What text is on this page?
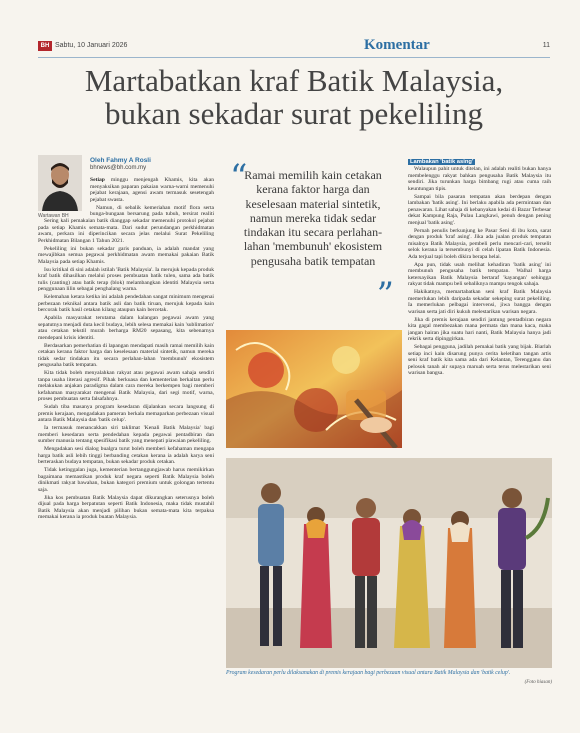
BH Sabtu, 10 Januari 2026	Komentar	11
Martabatkan kraf Batik Malaysia,
bukan sekadar surat pekeliling
Wartawan BH
Oleh Fahmy A Rosli
bhnews@bh.com.my

Setiap minggu menjengah Khamis, kita akan menyaksikan paparan pakaian warna-warni memenuhi pejabat kerajaan, agensi awam termasuk sesetengah pejabat swasta.

Namun, di sebalik kemeriahan motif flora serta bunga-bungaan bersarung pada tubuh, tersirat realiti

Sering kali pemakaian batik dianggap sekadar memenuhi protokol pejabat pada setiap Khamis semata-mata. Dari sudut perundangan perkhidmatan awam, perkara ini diperincikan secara jelas melalui Surat Pekeliling Perkhidmatan Bilangan 1 Tahun 2021.

Pekeliling ini bukan sekadar garis panduan, ia adalah mandat yang mewajibkan semua pegawai perkhidmatan awam memakai pakaian Batik Malaysia pada setiap Khamis.

Isu kritikal di sini adalah istilah 'Batik Malaysia'. Ia merujuk kepada produk kraf batik dihasilkan melalui proses pembuatan batik tulen, sama ada batik tulis (canting) atau batik terap (blok) melambangkan identiti Malaysia serta penggunaan lilin sebagai penghalang warna.

Kelemahan ketara ketika ini adalah pendedahan sangat minimum mengenai perbezaan teknikal antara batik asli dan batik tiruan, merujuk kepada kain bercorak batik hasil cetakan kilang ataupun kain bercetak.

Apabila masyarakat terutama dalam kalangan pegawai awam yang sepatutnya menjadi duta kecil budaya, lebih selesa memakai kain 'sublimation' atau cetakan tekstil murah berharga RM20 sepasang, kita sebenarnya mendepani krisis identiti.

Berdasarkan pemerhatian di lapangan mendapati masih ramai memilih kain cetakan kerana faktor harga dan keselesaan material sintetik, namun mereka tidak sedar tindakan itu secara perlahan-lahan 'membunuh' ekosistem pengusaha batik tempatan.

Kita tidak boleh menyalahkan rakyat atau pegawai awam sahaja sendiri tanpa usaha literasi agresif. Pihak berkuasa dan kementerian berkaitan perlu melakukan anjakan paradigma dalam cara mereka berkempen bagi memberi kefahaman masyarakat mengenai Batik Malaysia, dari segi motif, warna, proses pembuatan serta falsafahnya.

Sudah tiba masanya program kesedaran dijalankan secara langsung di premis kerajaan, mengadakan pameran berkala memaparkan perbezaan visual antara Batik Malaysia dan 'batik celup'.

Ia termasuk menancakkan siri taklimat 'Kenali Batik Malaysia' bagi memberi kesedaran serta pendedahan kepada pegawai pentadbiran dan sumber manusia tentang spesifikasi batik yang menepati piawaian pekeliling.

Mengadakan sesi dialog bualgra turut boleh memberi kefahaman mengapa harga batik asli lebih tinggi berbanding cetakan kerana ia adalah karya seni berteraskan budaya tempatan, bukan sekadar produk cetakan.

Tidak ketinggalan juga, kementerian bertanggungjawab harus memikirkan bagaimana memastikan produk kraf negara seperti Batik Malaysia boleh dinikmati rakyat bawahan, bukan kategori premium untuk golongan tertentu saja.

Jika kos pembuatan Batik Malaysia dapat dikurangkan seterusnya boleh dijual pada harga berpatutan seperti Batik Indonesia, maka tidak mustahil Batik Malaysia akan menjadi pilihan bukan semata-mata kita terpaksa memakai kerana ia produk buatan Malaysia.

“
Ramai memilih kain cetakan kerana faktor harga dan keselesaan material sintetik, namun mereka tidak sedar tindakan itu secara perlahan-lahan 'membunuh' ekosistem pengusaha batik tempatan
”

Lambakan 'batik asing'

Walaupun pahit untuk ditelan, ini adalah realiti bukan hanya membelenggu rakyat bahkan pengusaha Batik Malaysia itu sendiri. Jika turunkan harga bimbang rugi atau cuma raih keuntungan tipis.

Sampai bila pasaran tempatan akan berdepan dengan lambakan 'batik asing'. Ini berlaku apabila ada permintaan dan penawaran. Lihat sahaja di kebanyakan kedai di Bazar Terbesar dekat Kampung Raja, Pulau Langkawi, penuh dengan pening menjual 'batik asing'.

Pernah penulis berkunjung ke Pasar Seni di ibu kota, sarat dengan produk 'kraf asing'. Jika ada jualan produk tempatan misalnya Batik Malaysia, pembeli perlu mencari-cari, terselit selok kerana ia tersembunyi di celah lipatan Batik Indonesia. Ada terjual tapi boleh dikira berapa helai.

Apa pun, tidak usah melihat kehadiran 'batik asing' ini membunuh pengusaha batik tempatan. Walhal harga ketersayikan Batik Malaysia bertaraf 'kayangan' sehingga rakyat tidak mampu beli sebaliknya mampu tengok sahaja.

Hakikatnya, memartabatkan seni kraf Batik Malaysia memerlukan lebih daripada sekadar sekeping surat pekeliling. Ia memerlukan pelbagai intervensi, jiwa bangga dengan warisan serta jati diri kukuh melestarikan warisan negara.

Jika di premis kerajaan sendiri jantung pentadbiran negara kita gagal membezakan mana permata dan mana kaca, maka jangan hairan jika suatu hari nanti, Batik Malaysia hanya jadi rekrik serta dipinggirkan.

Sebagai pengguna, jadilah pemakai batik yang bijak. Biarlah setiap inci kain disarung punya cerita keletihan tangan artis seni kraf batik kita sama ada dari Kelantan, Terengganu dan pelosok tanah air supaya maruah serta terus melestarikan seni warisan bangsa.

Program kesedaran perlu dilaksanakan di premis kerajaan bagi perbezaan visual antara Batik Malaysia dan 'batik celup'.
(Foto hiasan)
